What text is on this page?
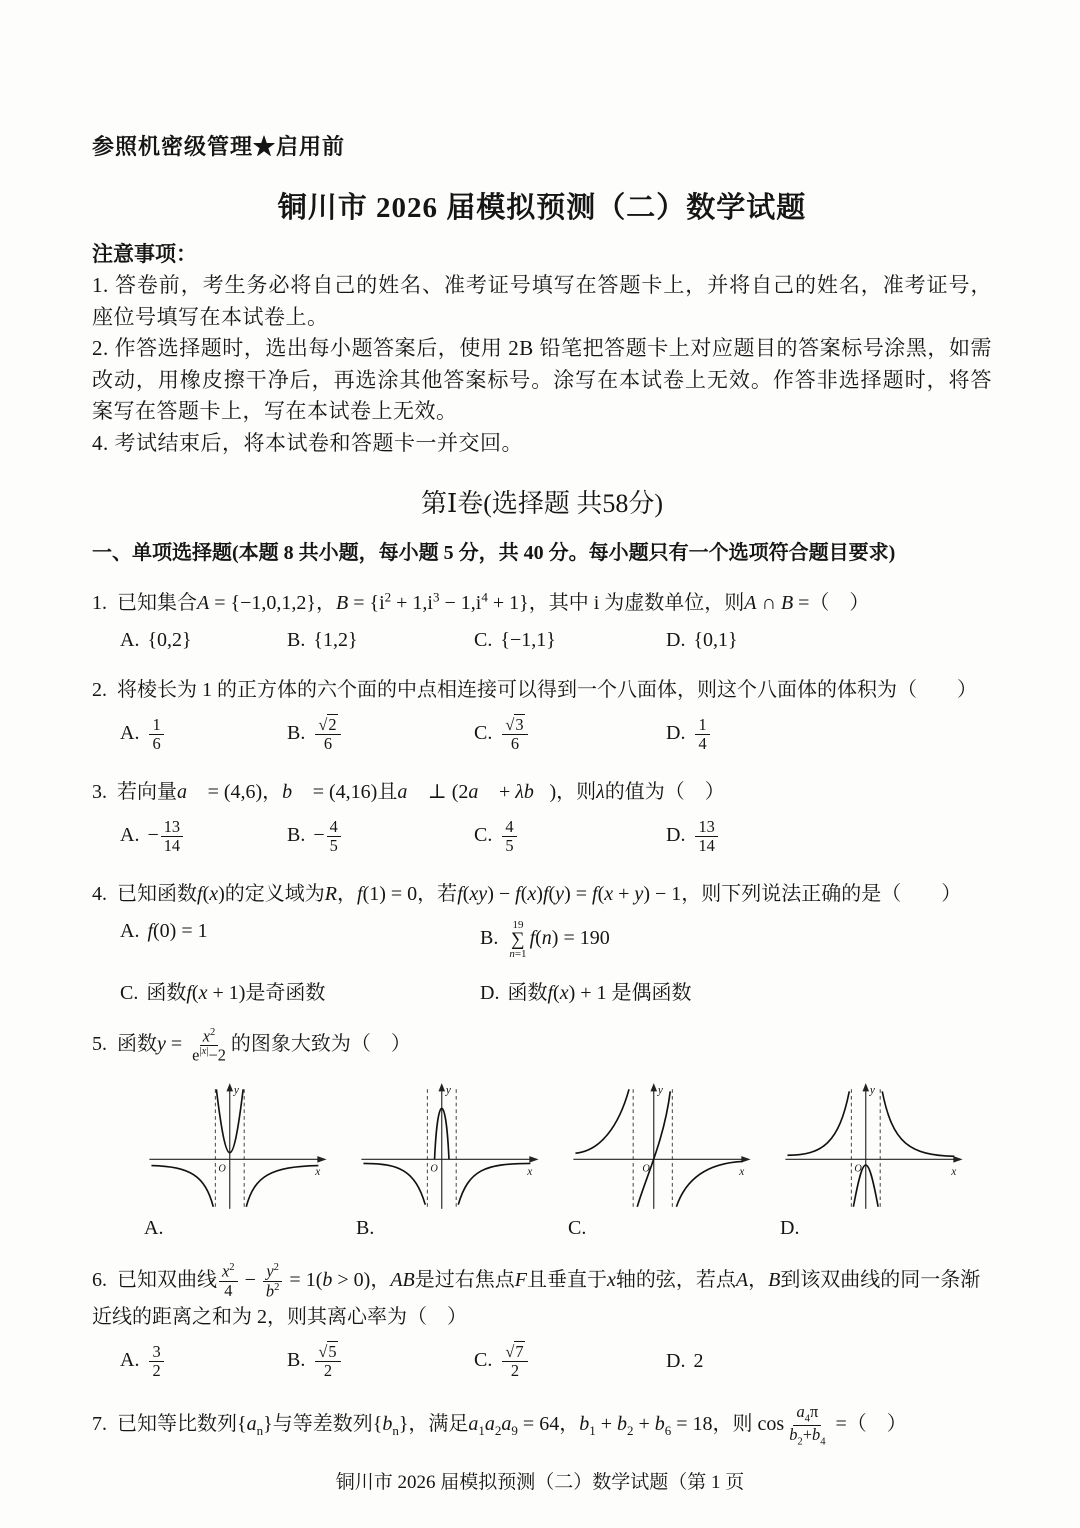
参照机密级管理★启用前
铜川市 2026 届模拟预测（二）数学试题
注意事项：

1. 答卷前，考生务必将自己的姓名、准考证号填写在答题卡上，并将自己的姓名，准考证号，座位号填写在本试卷上。

2. 作答选择题时，选出每小题答案后，使用 2B 铅笔把答题卡上对应题目的答案标号涂黑，如需改动，用橡皮擦干净后，再选涂其他答案标号。涂写在本试卷上无效。作答非选择题时，将答案写在答题卡上，写在本试卷上无效。

4. 考试结束后，将本试卷和答题卡一并交回。

第Ⅰ卷(选择题 共58分)
一、单项选择题(本题 8 共小题，每小题 5 分，共 40 分。每小题只有一个选项符合题目要求)

1. 已知集合A = {−1,0,1,2}，$B = \{i^2 + 1,i^3 - 1,i^4 + 1\}$，其中 i 为虚数单位，则A ∩ B =（　）

A. {0,2}	B. {1,2}	C. {−1,1}	D. {0,1}

2. 将棱长为 1 的正方体的六个面的中点相连接可以得到一个八面体，则这个八面体的体积为（　　）

A. $\frac{1}{6}$	B. $\frac{√2}{6}$	C. $\frac{√3}{6}$	D. $\frac{1}{4}$

3. 若向量a⃗ = (4,6)，b⃗ = (4,16)且a⃗ ⊥ (2a⃗ + λb⃗)，则λ的值为（　）

A. − $\frac{13}{14}$	B. − $\frac{4}{5}$	C. $\frac{4}{5}$	D. $\frac{13}{14}$

4. 已知函数f(x)的定义域为R，f(1) = 0，若f(xy) − f(x)f(y) = f(x + y) − 1，则下列说法正确的是（　　）

A. f(0) = 1	B.
19
∑
n=1
f(n) = 190
C. 函数f(x + 1)是奇函数	D. 函数f(x) + 1 是偶函数

5. 函数$y = \frac{x^2}{e^{|x|}-2}$ 的图象大致为（　）

y
x
O
A.
y
x
O
B.
y
x
O
C.
y
x
O
D.

6. 已知双曲线 $\frac{x^2}{4} - \frac{y^2}{b^2} = 1(b > 0)$，AB是过右焦点F且垂直于x轴的弦，若点A，B到该双曲线的同一条渐近线的距离之和为 2，则其离心率为（　）

A. $\frac{3}{2}$	B. $\frac{√5}{2}$	C. $\frac{√7}{2}$	D. 2

7. 已知等比数列$\{a_n\}$与等差数列$\{b_n\}$，满足$a_1a_2a_9 = 64$，$b_1 + b_2 + b_6 = 18$，则 $\cos \frac{a_4\pi}{b_2+b_4}$ =（　）

铜川市 2026 届模拟预测（二）数学试题（第 1 页
